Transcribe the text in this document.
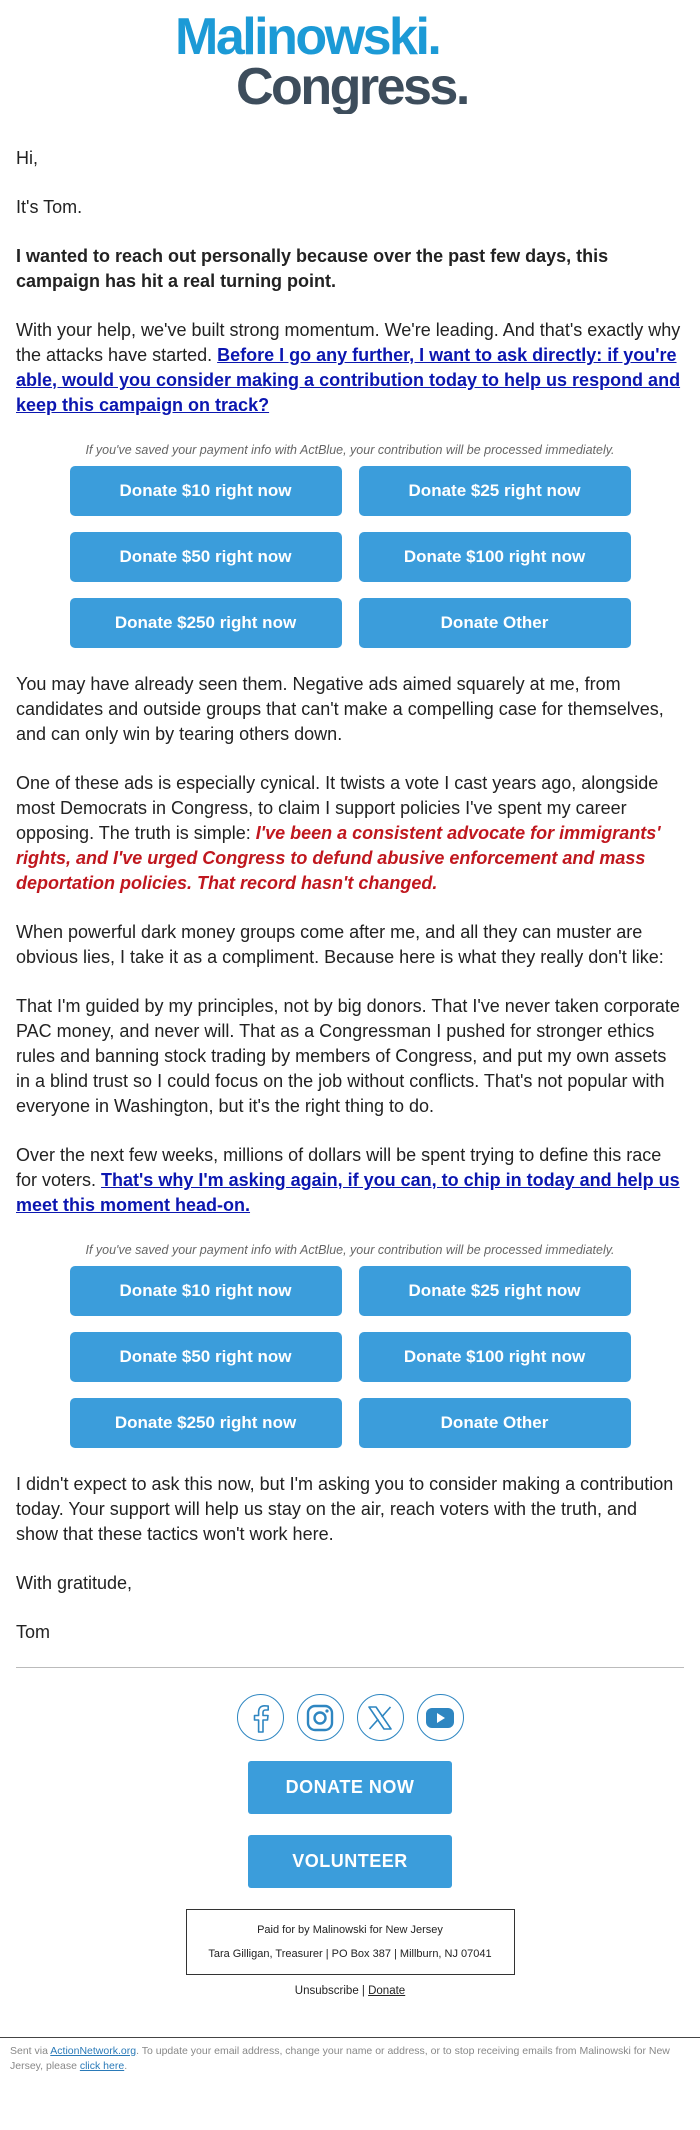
Malinowski.
Congress.

Hi,

It's Tom.

I wanted to reach out personally because over the past few days, this campaign has hit a real turning point.

With your help, we've built strong momentum. We're leading. And that's exactly why the attacks have started. Before I go any further, I want to ask directly: if you're able, would you consider making a contribution today to help us respond and keep this campaign on track?

If you've saved your payment info with ActBlue, your contribution will be processed immediately.
Donate $10 right now	Donate $25 right now
Donate $50 right now	Donate $100 right now
Donate $250 right now	Donate Other

You may have already seen them. Negative ads aimed squarely at me, from candidates and outside groups that can't make a compelling case for themselves, and can only win by tearing others down.

One of these ads is especially cynical. It twists a vote I cast years ago, alongside most Democrats in Congress, to claim I support policies I've spent my career opposing. The truth is simple: I've been a consistent advocate for immigrants' rights, and I've urged Congress to defund abusive enforcement and mass deportation policies. That record hasn't changed.

When powerful dark money groups come after me, and all they can muster are obvious lies, I take it as a compliment. Because here is what they really don't like:

That I'm guided by my principles, not by big donors. That I've never taken corporate PAC money, and never will. That as a Congressman I pushed for stronger ethics rules and banning stock trading by members of Congress, and put my own assets in a blind trust so I could focus on the job without conflicts. That's not popular with everyone in Washington, but it's the right thing to do.

Over the next few weeks, millions of dollars will be spent trying to define this race for voters. That's why I'm asking again, if you can, to chip in today and help us meet this moment head-on.

If you've saved your payment info with ActBlue, your contribution will be processed immediately.
Donate $10 right now	Donate $25 right now
Donate $50 right now	Donate $100 right now
Donate $250 right now	Donate Other

I didn't expect to ask this now, but I'm asking you to consider making a contribution today. Your support will help us stay on the air, reach voters with the truth, and show that these tactics won't work here.

With gratitude,

Tom

DONATE NOW
VOLUNTEER
Paid for by Malinowski for New Jersey
Tara Gilligan, Treasurer | PO Box 387 | Millburn, NJ 07041
Unsubscribe | Donate
Sent via ActionNetwork.org. To update your email address, change your name or address, or to stop receiving emails from Malinowski for New Jersey, please click here.
